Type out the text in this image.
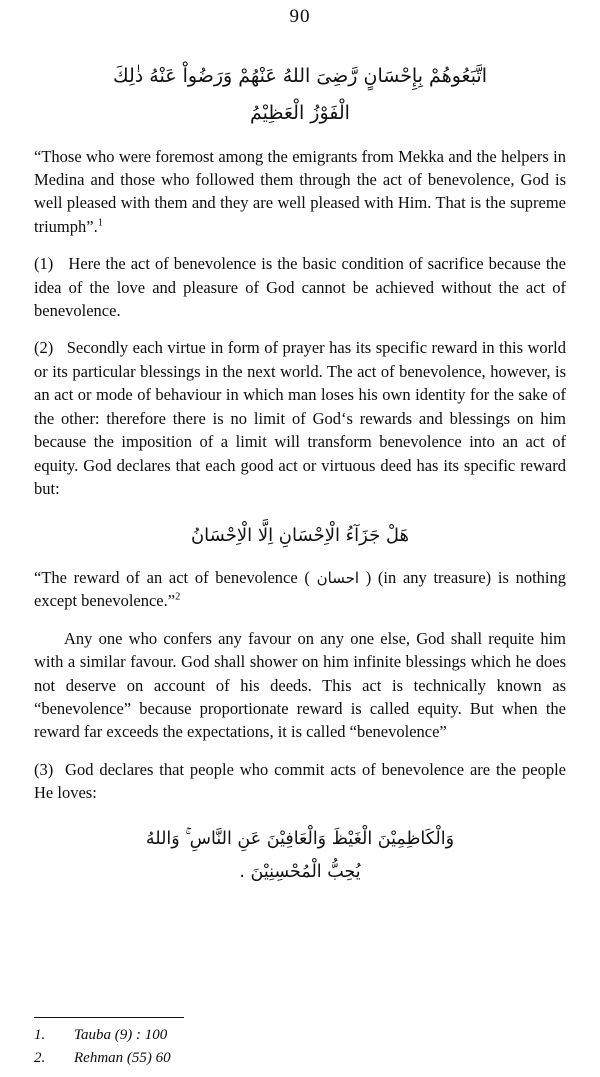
90
اتَّبَعُوهُمْ بِإِحْسَانٍ رَّضِىَ اللهُ عَنْهُمْ وَرَضُواْ عَنْهُ ذٰلِكَ
الْفَوْزُ الْعَظِيْمُ

“Those who were foremost among the emigrants from Mekka and the helpers in Medina and those who followed them through the act of benevolence, God is well pleased with them and they are well pleased with Him. That is the supreme triumph”.$^1$

(1) Here the act of benevolence is the basic condition of sacrifice because the idea of the love and pleasure of God cannot be achieved without the act of benevolence.

(2) Secondly each virtue in form of prayer has its specific reward in this world or its particular blessings in the next world. The act of benevolence, however, is an act or mode of behaviour in which man loses his own identity for the sake of the other: therefore there is no limit of God‘s rewards and blessings on him because the imposition of a limit will transform benevolence into an act of equity. God declares that each good act or virtuous deed has its specific reward but:

هَلْ جَزَآءُ الْاِحْسَانِ اِلَّا الْاِحْسَانُ

“The reward of an act of benevolence ( احسان ) (in any treasure) is nothing except benevolence.”$^2$

Any one who confers any favour on any one else, God shall requite him with a similar favour. God shall shower on him infinite blessings which he does not deserve on account of his deeds. This act is technically known as “benevolence” because proportionate reward is called equity. But when the reward far exceeds the expectations, it is called “benevolence”

(3) God declares that people who commit acts of benevolence are the people He loves:

وَالْكَاظِمِيْنَ الْغَيْظَ وَالْعَافِيْنَ عَنِ النَّاسِ ۚ وَاللهُ
يُحِبُّ الْمُحْسِنِيْنَ .
1.	Tauba (9) : 100
2.	Rehman (55) 60
